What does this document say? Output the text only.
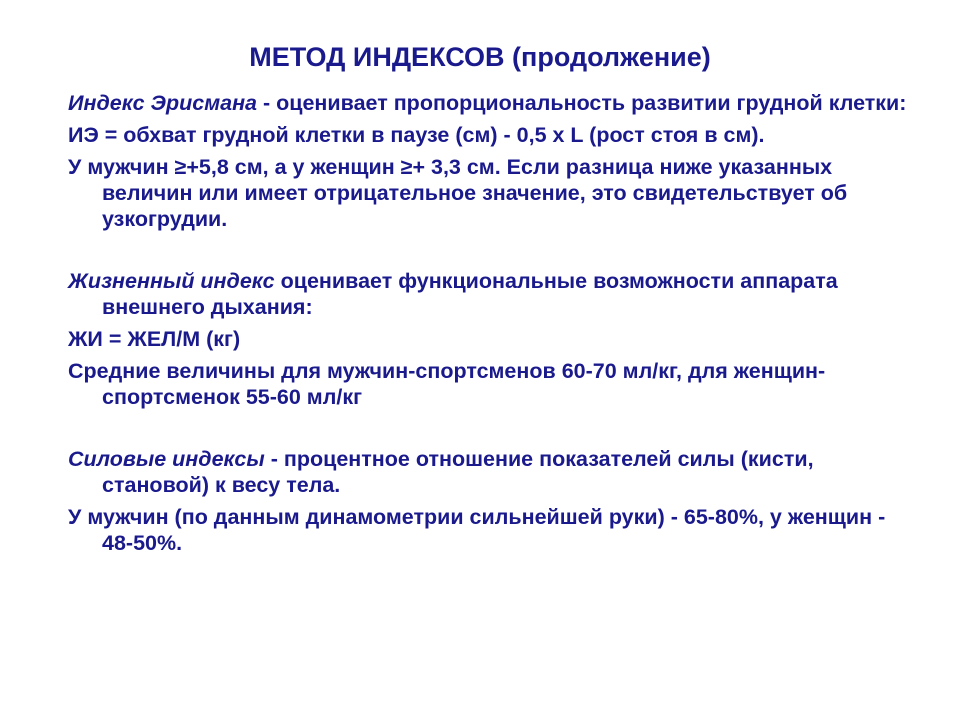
МЕТОД ИНДЕКСОВ (продолжение)

Индекс Эрисмана - оценивает пропорциональность развитии грудной клетки:

ИЭ = обхват грудной клетки в паузе (см) - 0,5 х L (рост стоя в см).

У мужчин ≥+5,8 см, а у женщин ≥+ 3,3 см. Если разница ниже указанных величин или имеет отрицательное значение, это свидетельствует об узкогрудии.

Жизненный индекс оценивает функциональные возможности аппарата внешнего дыхания:

ЖИ = ЖЕЛ/М (кг)

Средние величины для мужчин-спортсменов 60-70 мл/кг, для женщин-спортсменок 55-60 мл/кг

Силовые индексы - процентное отношение показателей силы (кисти, становой) к весу тела.

У мужчин (по данным динамометрии сильнейшей руки) - 65-80%, у женщин - 48-50%.
